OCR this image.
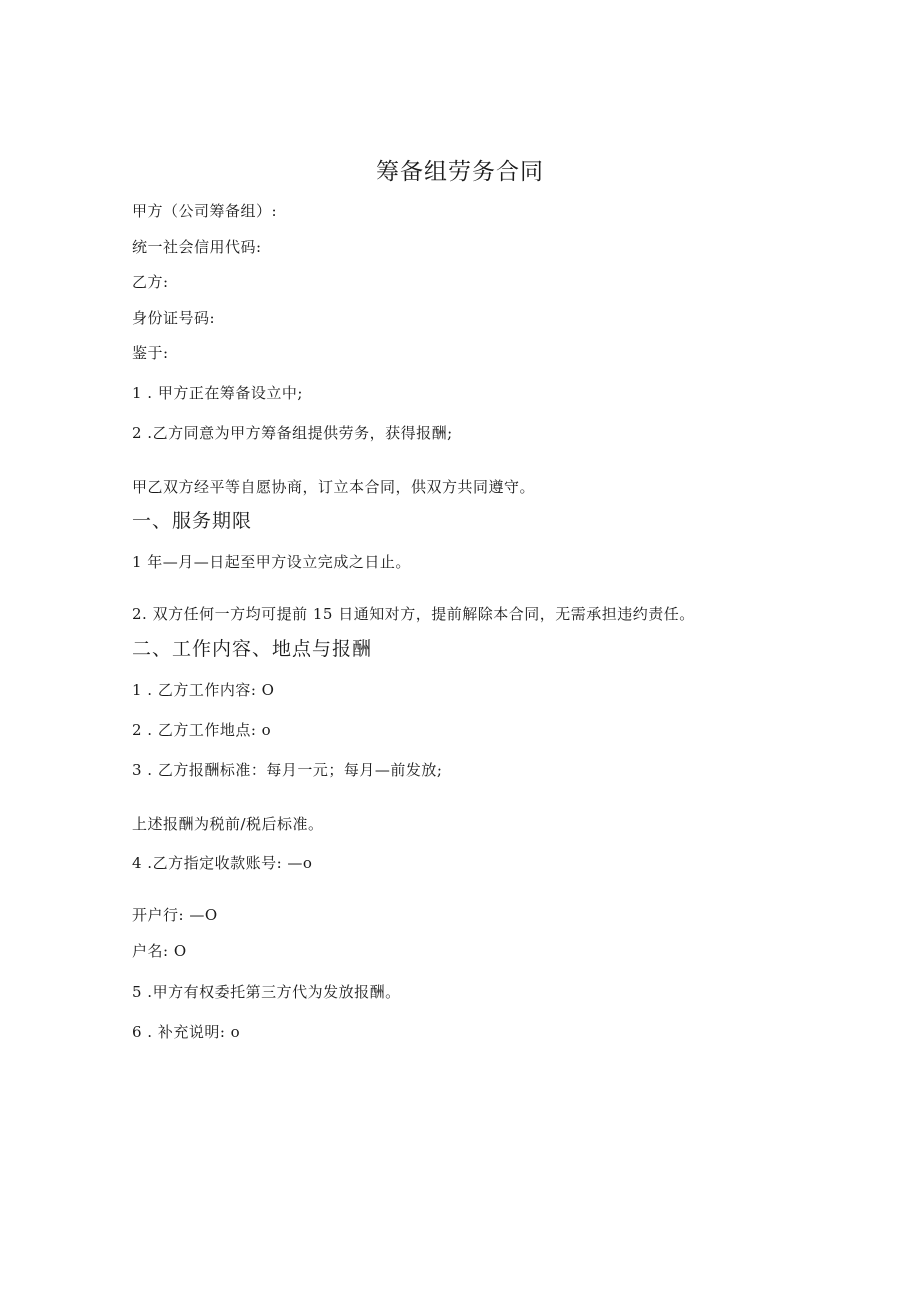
筹备组劳务合同
甲方（公司筹备组）:
统一社会信用代码:
乙方:
身份证号码:
鉴于:
1 . 甲方正在筹备设立中;
2 .乙方同意为甲方筹备组提供劳务，获得报酬;
甲乙双方经平等自愿协商，订立本合同，供双方共同遵守。
一、服务期限
1 年—月—日起至甲方设立完成之日止。
2. 双方任何一方均可提前 15 日通知对方，提前解除本合同，无需承担违约责任。
二、工作内容、地点与报酬
1 . 乙方工作内容: O
2 . 乙方工作地点: o
3 . 乙方报酬标准：每月一元；每月—前发放;
上述报酬为税前/税后标准。
4 .乙方指定收款账号: —o
开户行: —O
户名: O
5 .甲方有权委托第三方代为发放报酬。
6 . 补充说明: o
